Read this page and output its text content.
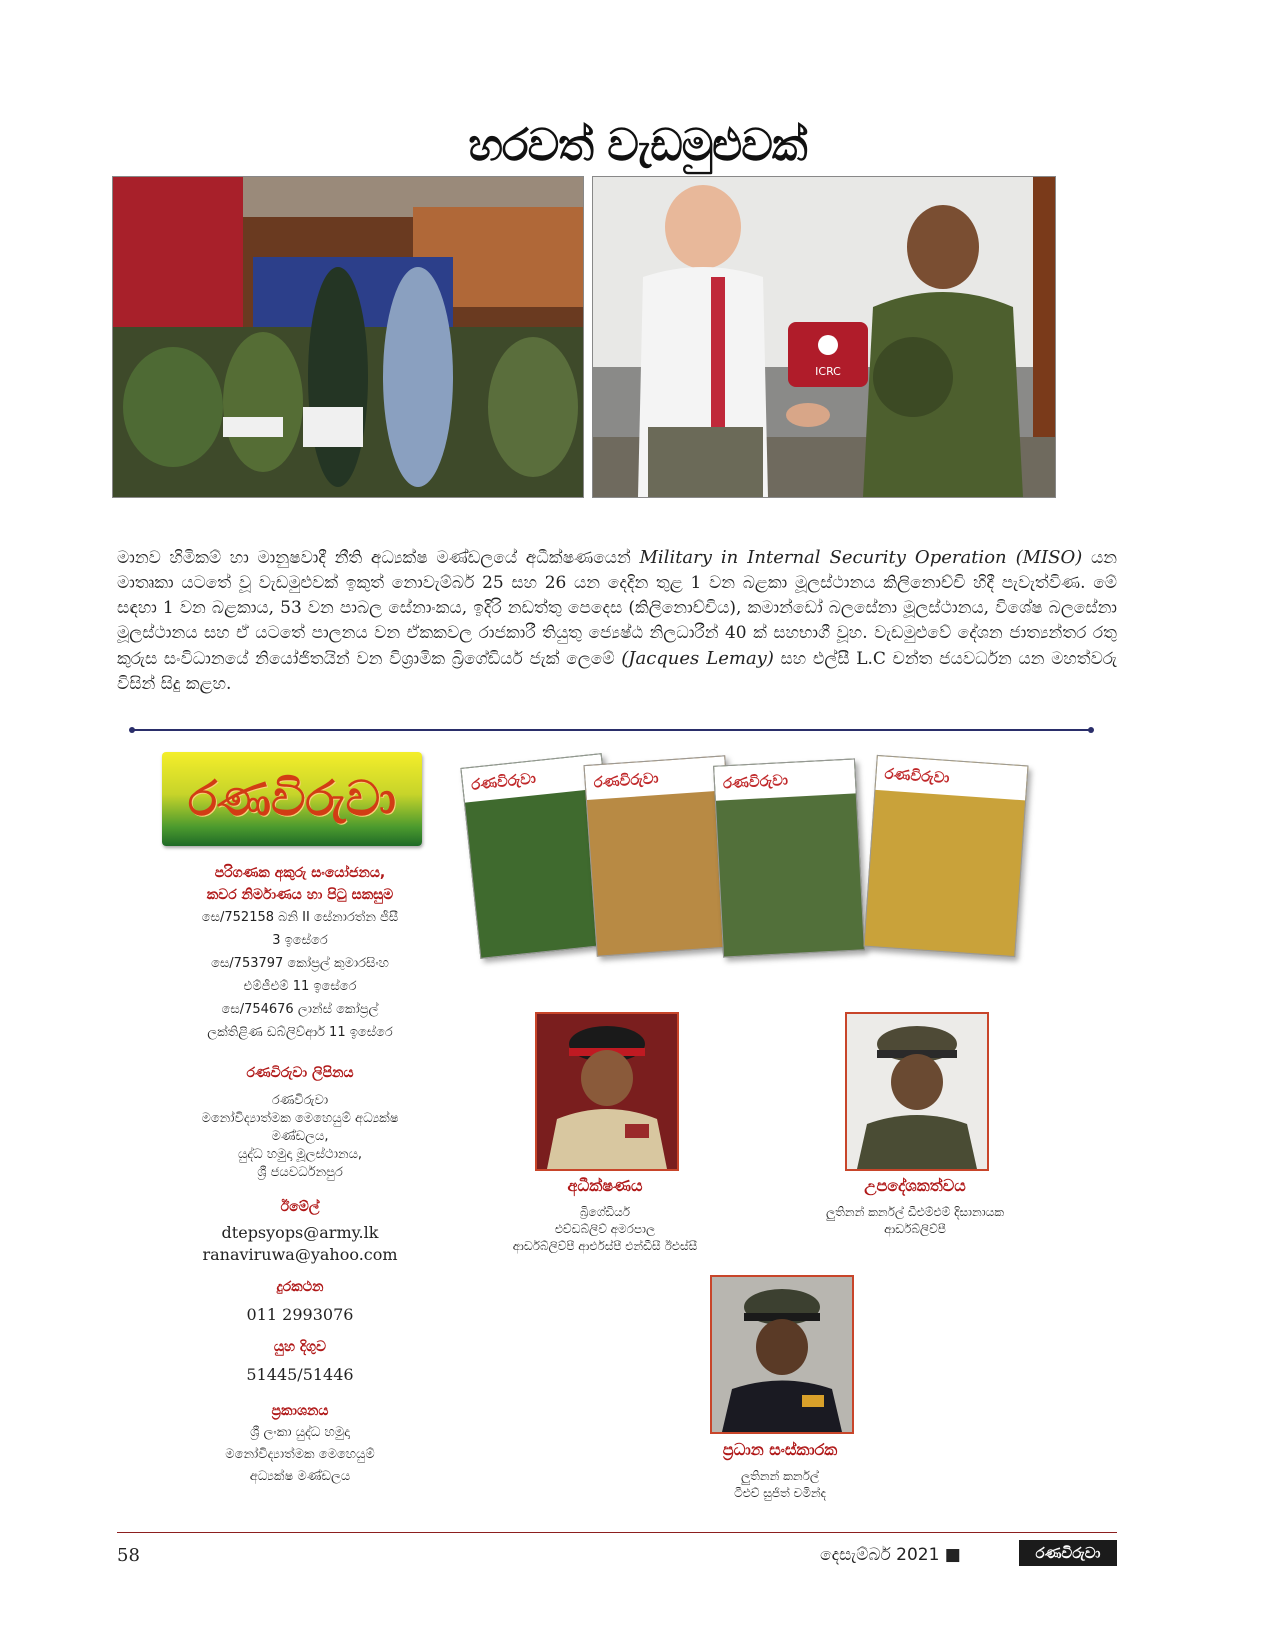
හරවත් වැඩමුළුවක්
ICRC
මානව හිමිකම් හා මානුෂවාදී නීති අධ්‍යක්ෂ මණ්ඩලයේ අධීක්ෂණයෙන් Military in Internal Security Operation (MISO) යන මාතෘකා යටතේ වූ වැඩමුළුවක් ඉකුත් නොවැම්බර් 25 සහ 26 යන දෙදින තුළ 1 වන බළකා මූලස්ථානය කිලිනොච්චි හිදී පැවැත්විණ. මේ සඳහා 1 වන බළකාය, 53 වන පාබල සේනාංකය, ඉදිරි නඩත්තු පෙදෙස (කිලිනොච්චිය), කමාන්ඩෝ බලසේනා මූලස්ථානය, විශේෂ බලසේනා මූලස්ථානය සහ ඒ යටතේ පාලනය වන ඒකකවල රාජකාරී තියුතු ජ්‍යෙෂ්ඨ නිලධාරීන් 40 ක් සහභාගී වූහ. වැඩමුළුවේ දේශන ජාත්‍යන්තර රතු කුරුස සංවිධානයේ නියෝජිතයින් වන විශ්‍රාමික බ්‍රිගේඩියර් ජැක් ලෙමේ (Jacques Lemay) සහ එල්සී L.C චන්ත ජයවර්ධන යන මහත්වරු විසින් සිදු කළහ.
රණවිරුවා
පරිගණක අකුරු සංයෝජනය,
කවර නිර්මාණය හා පිටු සකසුම
සෙ/752158 බනි II සේනාරත්න ජීසී
3 ඉසේරෙ
සෙ/753797 කෝප්‍රල් කුමාරසිංහ
එම්ජීඑම් 11 ඉසේරෙ
සෙ/754676 ලාන්ස් කෝප්‍රල්
ලක්තිළිණ ඩබ්ලිව්ආර් 11 ඉසේරෙ
රණවිරුවා ලිපිනය
රණවිරුවා
මනෝවිද්‍යාත්මක මෙහෙයුම් අධ්‍යක්ෂ
මණ්ඩලය,
යුද්ධ හමුදා මූලස්ථානය,
ශ්‍රී ජයවර්ධනපුර
ඊමේල්
dtepsyops@army.lk
ranaviruwa@yahoo.com
දුරකථන
011 2993076
යුහ දිගුව
51445/51446
ප්‍රකාශනය
ශ්‍රී ලංකා යුද්ධ හමුදා
මනෝවිද්‍යාත්මක මෙහෙයුම්
අධ්‍යක්ෂ මණ්ඩලය
රණවිරුවා	රණවිරුවා	රණවිරුවා	රණවිරුවා
අධීක්ෂණය
බ්‍රිගේඩියර්
එච්ඩබ්ලිව් අමරපාල
ආර්ඩබ්ලිව්පී ආර්එස්පී එන්ඩීසී ඊඑස්සී
උපදේශකත්වය
ලුතිනන් කර්නල් ඩීඑම්එම් දිසානායක
ආර්ඩබ්ලිව්පී
ප්‍රධාන සංස්කාරක
ලුතිනන් කර්නල්
ටීඑච් සුජිත් චමින්ද
58	දෙසැම්බර් 2021 ■	රණවිරුවා
